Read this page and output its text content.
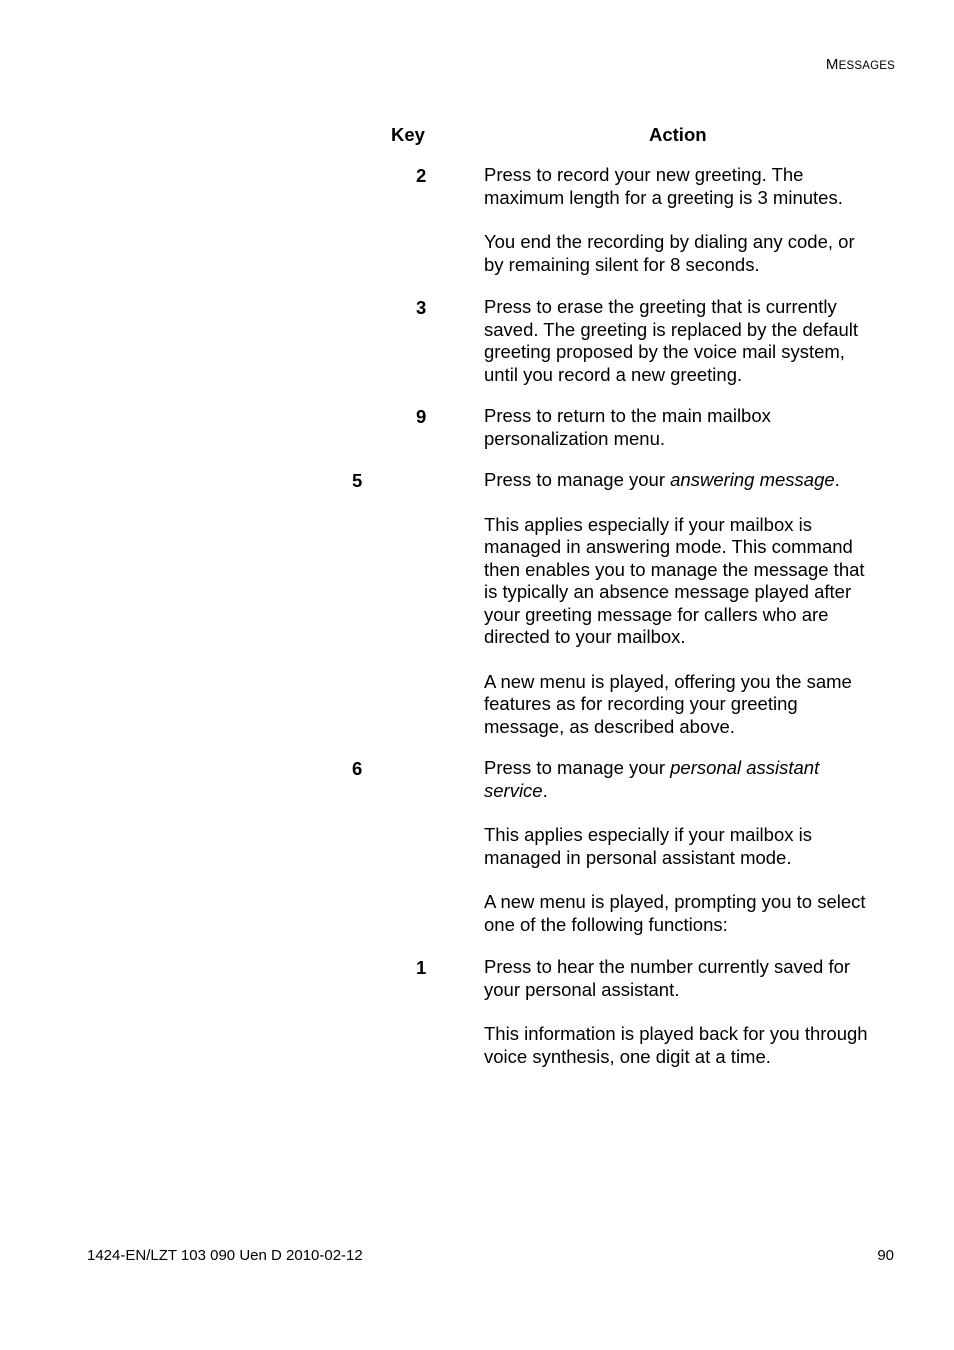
MESSAGES
Key	Action
2	Press to record your new greeting. The maximum length for a greeting is 3 minutes.

You end the recording by dialing any code, or by remaining silent for 8 seconds.

3	Press to erase the greeting that is currently saved. The greeting is replaced by the default greeting proposed by the voice mail system, until you record a new greeting.

9	Press to return to the main mailbox personalization menu.

5	Press to manage your answering message.

This applies especially if your mailbox is managed in answering mode. This command then enables you to manage the message that is typically an absence message played after your greeting message for callers who are directed to your mailbox.

A new menu is played, offering you the same features as for recording your greeting message, as described above.

6	Press to manage your personal assistant service.

This applies especially if your mailbox is managed in personal assistant mode.

A new menu is played, prompting you to select one of the following functions:

1	Press to hear the number currently saved for your personal assistant.

This information is played back for you through voice synthesis, one digit at a time.

1424-EN/LZT 103 090 Uen D 2010-02-12	90
